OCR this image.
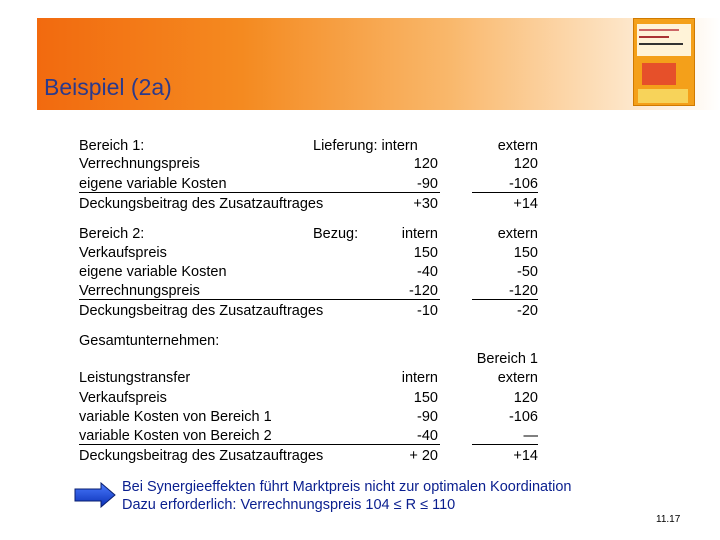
Beispiel (2a)
Bereich 1:	Lieferung: intern	extern
Verrechnungspreis	120	120
eigene variable Kosten	-90	-106
Deckungsbeitrag des Zusatzauftrages	+30	+14
Bereich 2:	Bezug:	intern	extern
Verkaufspreis	150	150
eigene variable Kosten	-40	-50
Verrechnungspreis	-120	-120
Deckungsbeitrag des Zusatzauftrages	-10	-20
Gesamtunternehmen:
Bereich 1
Leistungstransfer	intern	extern
Verkaufspreis	150	120
variable Kosten von Bereich 1	-90	-106
variable Kosten von Bereich 2	-40	—
Deckungsbeitrag des Zusatzauftrages	+ 20	+14
Bei Synergieeffekten führt Marktpreis nicht zur optimalen Koordination
Dazu erforderlich: Verrechnungspreis 104 ≤ R ≤ 110
11.17
